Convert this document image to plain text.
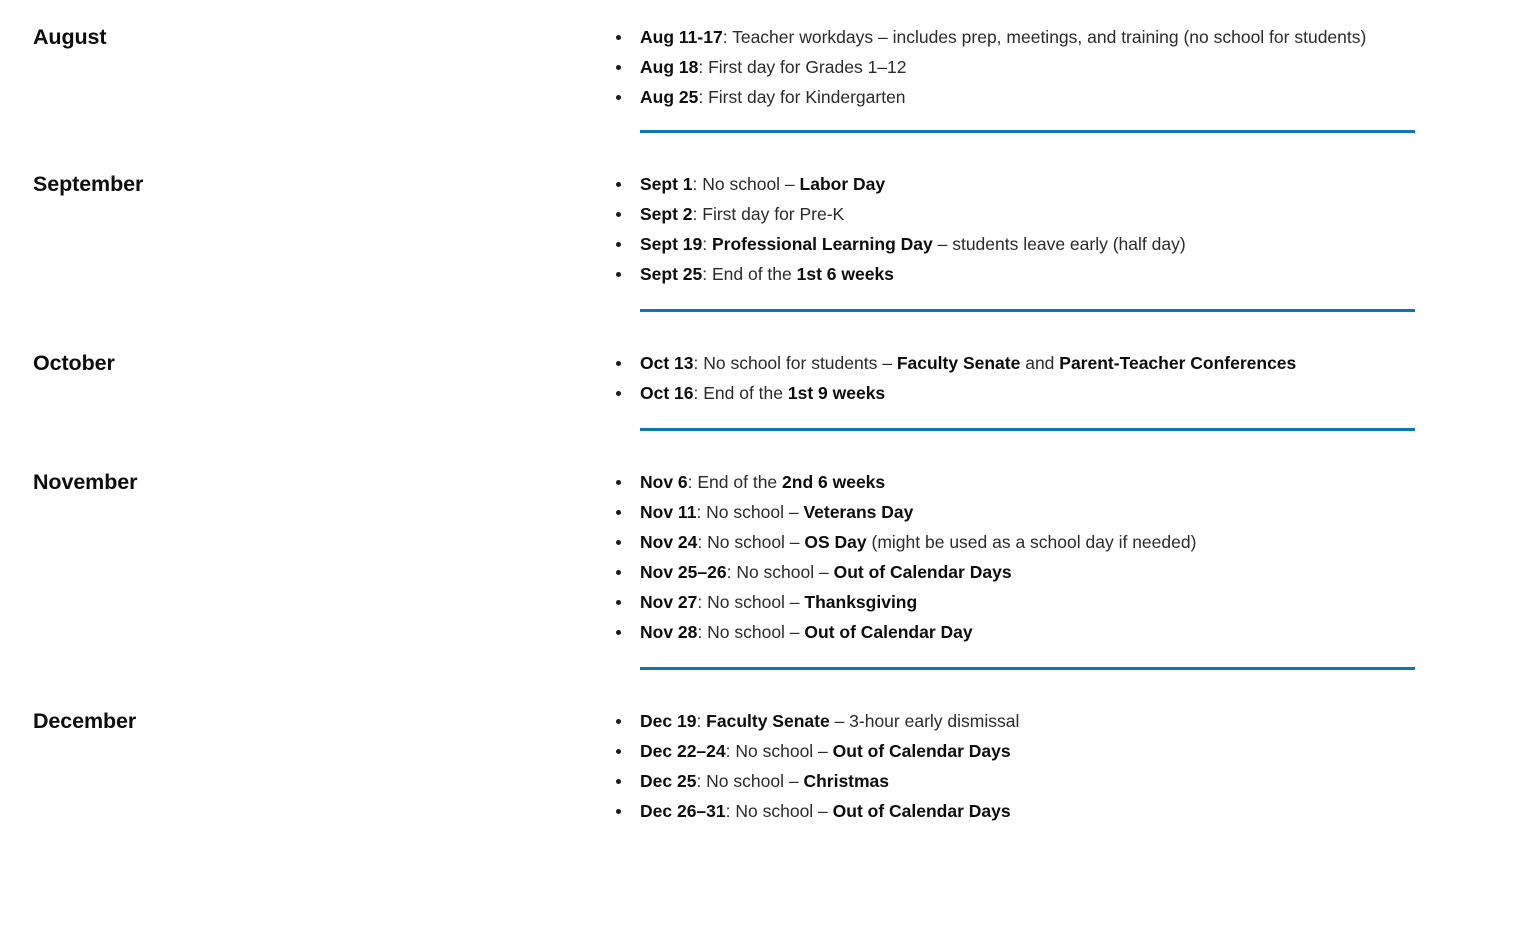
August	Aug 11-17: Teacher workdays – includes prep, meetings, and training (no school for students)
Aug 18: First day for Grades 1–12
Aug 25: First day for Kindergarten
September	Sept 1: No school – Labor Day
Sept 2: First day for Pre-K
Sept 19: Professional Learning Day – students leave early (half day)
Sept 25: End of the 1st 6 weeks
October	Oct 13: No school for students – Faculty Senate and Parent-Teacher Conferences
Oct 16: End of the 1st 9 weeks
November	Nov 6: End of the 2nd 6 weeks
Nov 11: No school – Veterans Day
Nov 24: No school – OS Day (might be used as a school day if needed)
Nov 25–26: No school – Out of Calendar Days
Nov 27: No school – Thanksgiving
Nov 28: No school – Out of Calendar Day
December	Dec 19: Faculty Senate – 3-hour early dismissal
Dec 22–24: No school – Out of Calendar Days
Dec 25: No school – Christmas
Dec 26–31: No school – Out of Calendar Days
